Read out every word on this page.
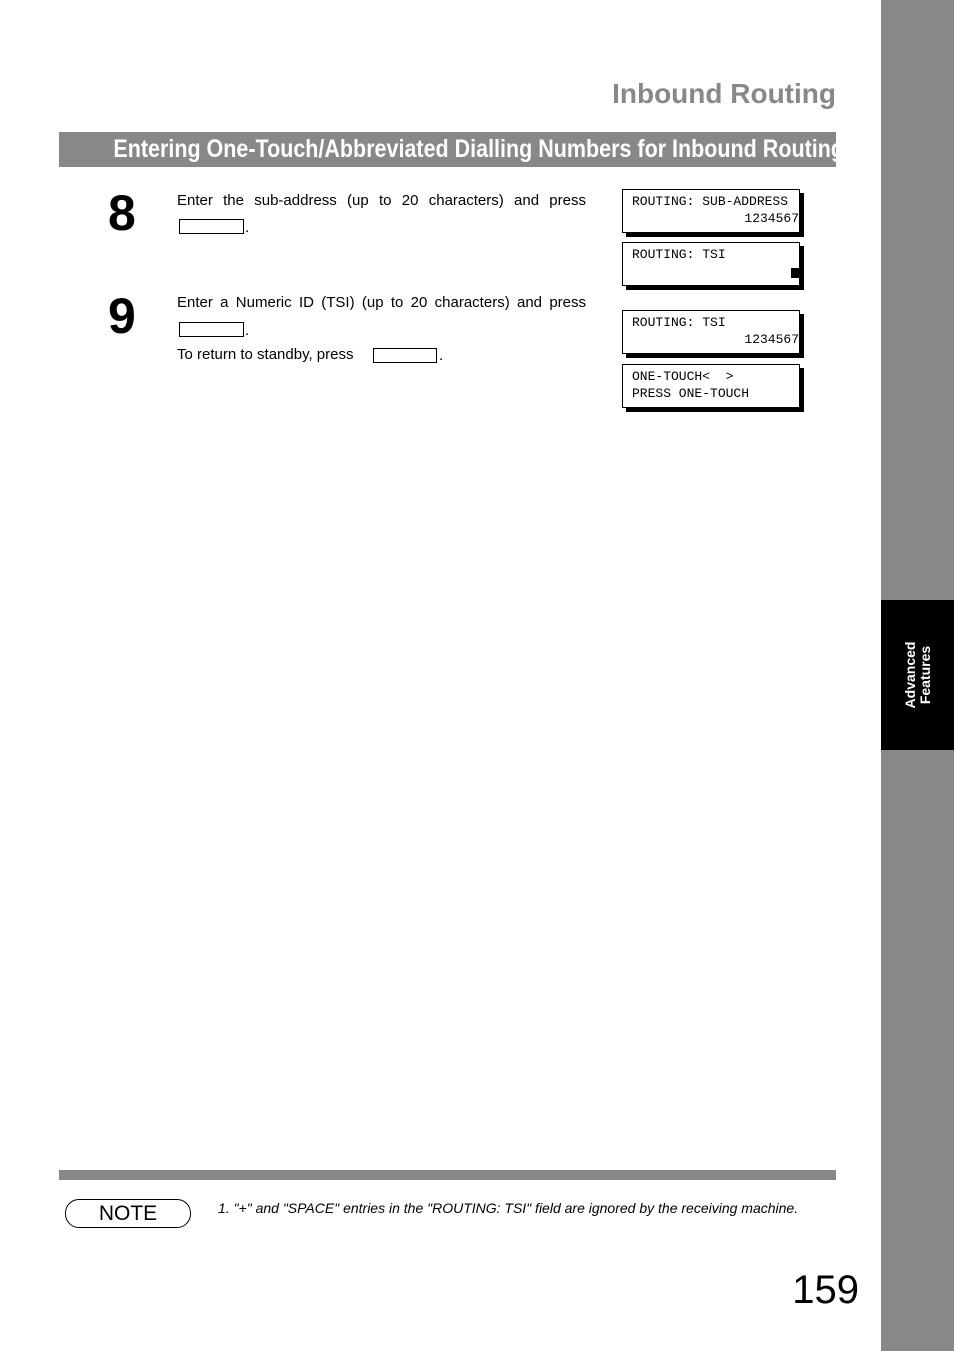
Advanced Features
Inbound Routing
Entering One-Touch/Abbreviated Dialling Numbers for Inbound Routing
8	Enter the sub-address (up to 20 characters) and press
.
9	Enter a Numeric ID (TSI) (up to 20 characters) and press
.
To return to standby, press	.
ROUTING: SUB-ADDRESS
1234567
ROUTING: TSI
ROUTING: TSI
1234567
ONE-TOUCH<  >
PRESS ONE-TOUCH
NOTE	1. "+" and "SPACE" entries in the "ROUTING: TSI" field are ignored by the receiving machine.
159
